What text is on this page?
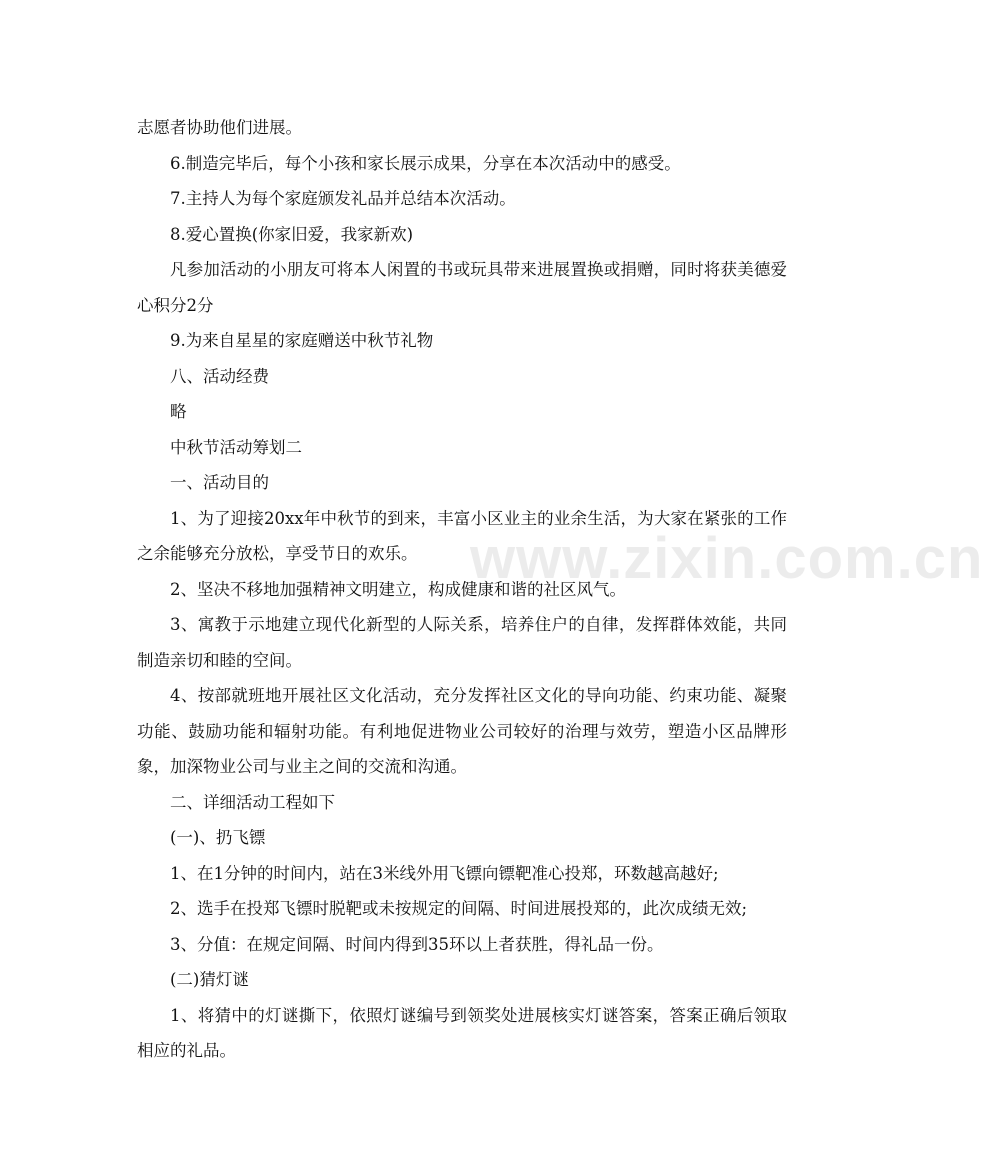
www.zixin.com.cn

志愿者协助他们进展。

6.制造完毕后，每个小孩和家长展示成果，分享在本次活动中的感受。

7.主持人为每个家庭颁发礼品并总结本次活动。

8.爱心置换(你家旧爱，我家新欢)

凡参加活动的小朋友可将本人闲置的书或玩具带来进展置换或捐赠，同时将获美德爱心积分2分

9.为来自星星的家庭赠送中秋节礼物

八、活动经费

略

中秋节活动筹划二

一、活动目的

1、为了迎接20xx年中秋节的到来，丰富小区业主的业余生活，为大家在紧张的工作之余能够充分放松，享受节日的欢乐。

2、坚决不移地加强精神文明建立，构成健康和谐的社区风气。

3、寓教于示地建立现代化新型的人际关系，培养住户的自律，发挥群体效能，共同制造亲切和睦的空间。

4、按部就班地开展社区文化活动，充分发挥社区文化的导向功能、约束功能、凝聚功能、鼓励功能和辐射功能。有利地促进物业公司较好的治理与效劳，塑造小区品牌形象，加深物业公司与业主之间的交流和沟通。

二、详细活动工程如下

(一)、扔飞镖

1、在1分钟的时间内，站在3米线外用飞镖向镖靶准心投郑，环数越高越好;

2、选手在投郑飞镖时脱靶或未按规定的间隔、时间进展投郑的，此次成绩无效;

3、分值：在规定间隔、时间内得到35环以上者获胜，得礼品一份。

(二)猜灯谜

1、将猜中的灯谜撕下，依照灯谜编号到领奖处进展核实灯谜答案，答案正确后领取相应的礼品。
